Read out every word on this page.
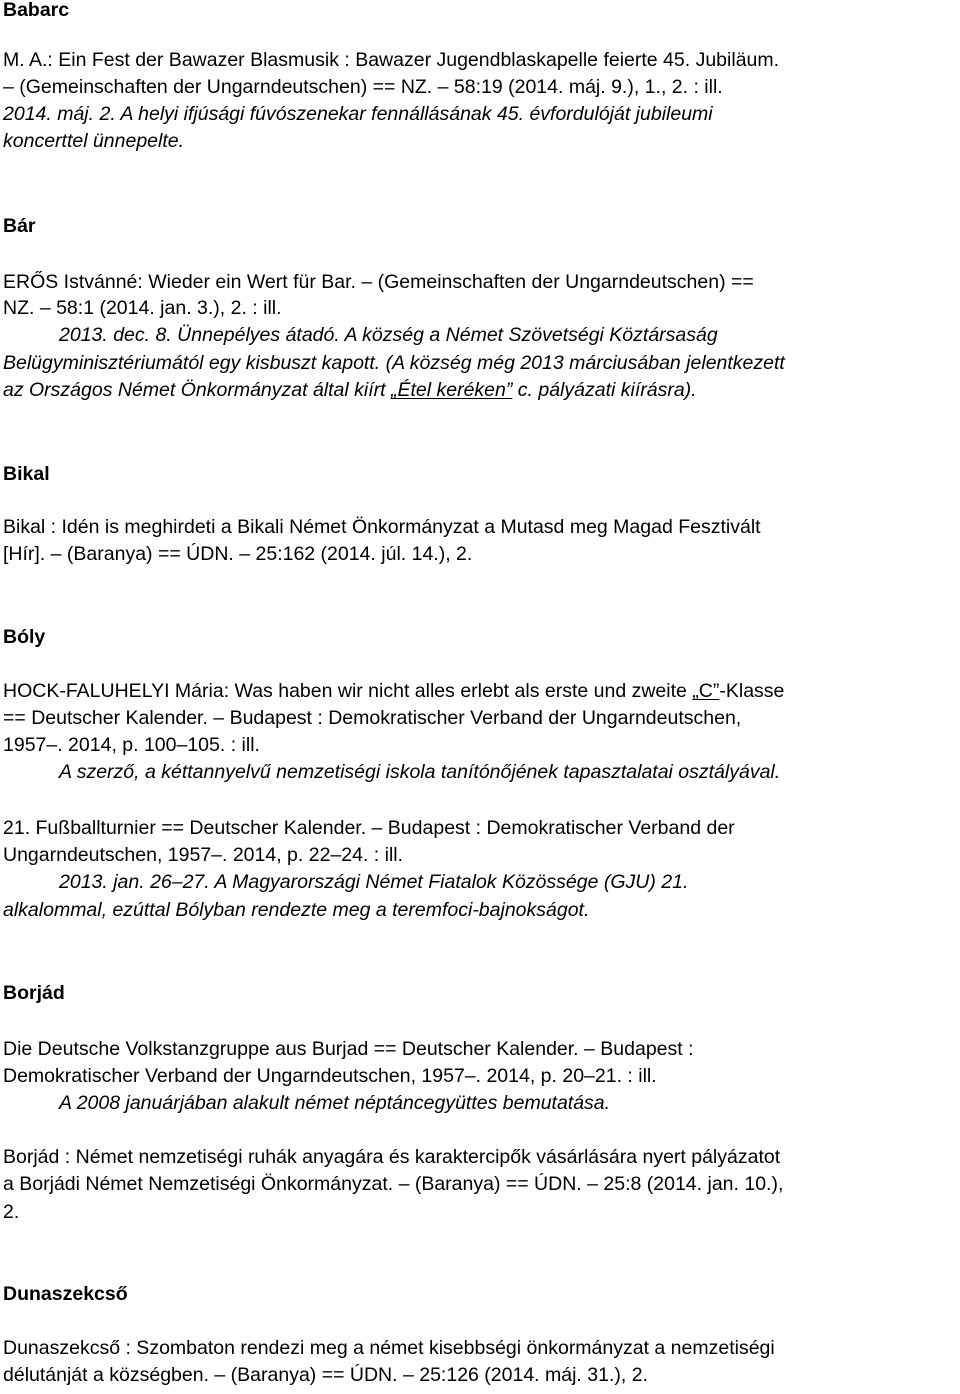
Babarc

M. A.: Ein Fest der Bawazer Blasmusik : Bawazer Jugendblaskapelle feierte 45. Jubiläum.

– (Gemeinschaften der Ungarndeutschen) == NZ. – 58:19 (2014. máj. 9.), 1., 2. : ill.

2014. máj. 2. A helyi ifjúsági fúvószenekar fennállásának 45. évfordulóját jubileumi

koncerttel ünnepelte.

Bár

ERŐS Istvánné: Wieder ein Wert für Bar. – (Gemeinschaften der Ungarndeutschen) ==

NZ. – 58:1 (2014. jan. 3.), 2. : ill.

2013. dec. 8. Ünnepélyes átadó. A község a Német Szövetségi Köztársaság

Belügyminisztériumától egy kisbuszt kapott. (A község még 2013 márciusában jelentkezett

az Országos Német Önkormányzat által kiírt „Étel keréken” c. pályázati kiírásra).

Bikal

Bikal : Idén is meghirdeti a Bikali Német Önkormányzat a Mutasd meg Magad Fesztivált

[Hír]. – (Baranya) == ÚDN. – 25:162 (2014. júl. 14.), 2.

Bóly

HOCK-FALUHELYI Mária: Was haben wir nicht alles erlebt als erste und zweite „C”-Klasse

== Deutscher Kalender. – Budapest : Demokratischer Verband der Ungarndeutschen,

1957–. 2014, p. 100–105. : ill.

A szerző, a kéttannyelvű nemzetiségi iskola tanítónőjének tapasztalatai osztályával.

21. Fußballturnier == Deutscher Kalender. – Budapest : Demokratischer Verband der

Ungarndeutschen, 1957–. 2014, p. 22–24. : ill.

2013. jan. 26–27. A Magyarországi Német Fiatalok Közössége (GJU) 21.

alkalommal, ezúttal Bólyban rendezte meg a teremfoci-bajnokságot.

Borjád

Die Deutsche Volkstanzgruppe aus Burjad == Deutscher Kalender. – Budapest :

Demokratischer Verband der Ungarndeutschen, 1957–. 2014, p. 20–21. : ill.

A 2008 januárjában alakult német néptáncegyüttes bemutatása.

Borjád : Német nemzetiségi ruhák anyagára és karaktercipők vásárlására nyert pályázatot

a Borjádi Német Nemzetiségi Önkormányzat. – (Baranya) == ÚDN. – 25:8 (2014. jan. 10.),

2.

Dunaszekcső

Dunaszekcső : Szombaton rendezi meg a német kisebbségi önkormányzat a nemzetiségi

délutánját a községben. – (Baranya) == ÚDN. – 25:126 (2014. máj. 31.), 2.
